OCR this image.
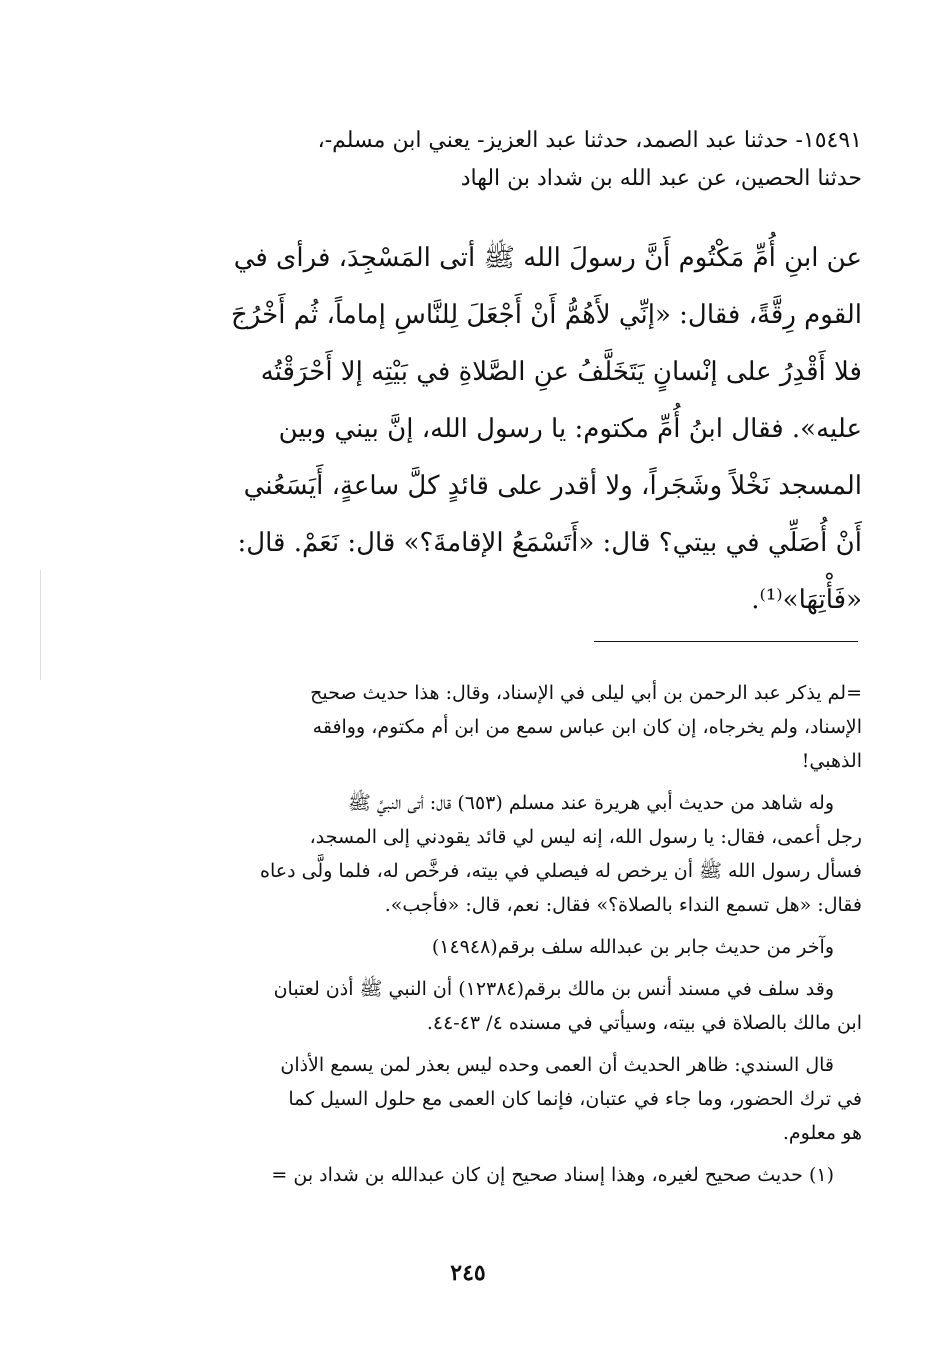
١٥٤٩١- حدثنا عبد الصمد، حدثنا عبد العزيز- يعني ابن مسلم-،
حدثنا الحصين، عن عبد الله بن شداد بن الهاد
عن ابنِ أُمِّ مَكْتُوم أَنَّ رسولَ الله ﷺ أتى المَسْجِدَ، فرأى في
القوم رِقَّةً، فقال: «إنِّي لأَهُمُّ أَنْ أَجْعَلَ لِلنَّاسِ إماماً، ثُم أَخْرُجَ
فلا أَقْدِرُ على إنْسانٍ يَتَخَلَّفُ عنِ الصَّلاةِ في بَيْتِه إلا أَحْرَقْتُه
عليه». فقال ابنُ أُمِّ مكتوم: يا رسول الله، إنَّ بيني وبين
المسجد نَخْلاً وشَجَراً، ولا أقدر على قائدٍ كلَّ ساعةٍ، أَيَسَعُني
أَنْ أُصَلِّي في بيتي؟ قال: «أَتَسْمَعُ الإقامةَ؟» قال: نَعَمْ. قال:
«فَأْتِهَا»⁽¹⁾.
=لم يذكر عبد الرحمن بن أبي ليلى في الإسناد، وقال: هذا حديث صحيح
الإسناد، ولم يخرجاه، إن كان ابن عباس سمع من ابن أم مكتوم، ووافقه
الذهبي!
وله شاهد من حديث أبي هريرة عند مسلم (٦٥٣) قال: أتى النبيَّ ﷺ
رجل أعمى، فقال: يا رسول الله، إنه ليس لي قائد يقودني إلى المسجد،
فسأل رسول الله ﷺ أن يرخص له فيصلي في بيته، فرخَّص له، فلما ولَّى دعاه
فقال: «هل تسمع النداء بالصلاة؟» فقال: نعم، قال: «فأجب».
وآخر من حديث جابر بن عبدالله سلف برقم(١٤٩٤٨)
وقد سلف في مسند أنس بن مالك برقم(١٢٣٨٤) أن النبي ﷺ أذن لعتبان
ابن مالك بالصلاة في بيته، وسيأتي في مسنده ٤/ ٤٣-٤٤.
قال السندي: ظاهر الحديث أن العمى وحده ليس بعذر لمن يسمع الأذان
في ترك الحضور، وما جاء في عتبان، فإنما كان العمى مع حلول السيل كما
هو معلوم.
(١) حديث صحيح لغيره، وهذا إسناد صحيح إن كان عبدالله بن شداد بن =
٢٤٥
